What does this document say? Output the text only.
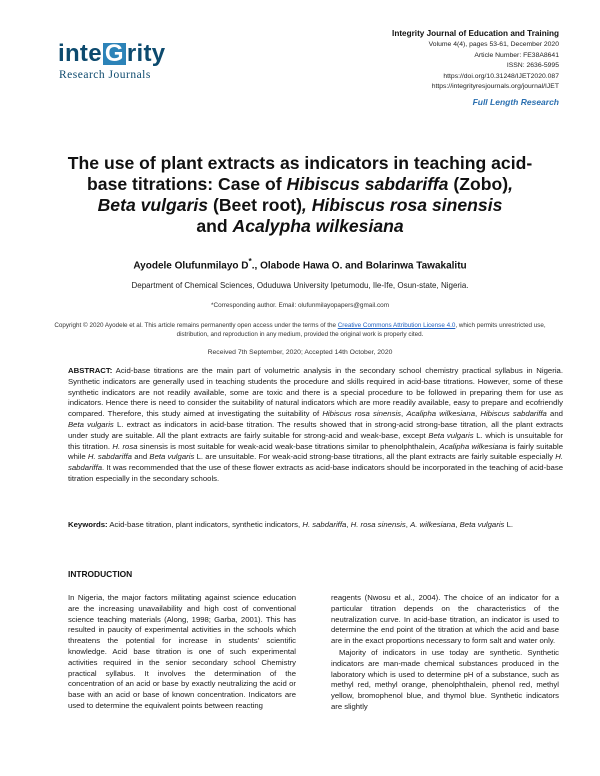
inte G rity
Research Journals
Integrity Journal of Education and Training
Volume 4(4), pages 53-61, December 2020
Article Number: FE38A8641
ISSN: 2636-5995
https://doi.org/10.31248/IJET2020.087
https://integrityresjournals.org/journal/IJET
Full Length Research
The use of plant extracts as indicators in teaching acid-
base titrations: Case of Hibiscus sabdariffa (Zobo),
Beta vulgaris (Beet root), Hibiscus rosa sinensis
and Acalypha wilkesiana
Ayodele Olufunmilayo D*., Olabode Hawa O. and Bolarinwa Tawakalitu
Department of Chemical Sciences, Oduduwa University Ipetumodu, Ile-Ife, Osun-state, Nigeria.
*Corresponding author. Email: olufunmilayopapers@gmail.com
Copyright © 2020 Ayodele et al. This article remains permanently open access under the terms of the Creative Commons Attribution License 4.0, which permits unrestricted use, distribution, and reproduction in any medium, provided the original work is properly cited.
Received 7th September, 2020; Accepted 14th October, 2020
ABSTRACT: Acid-base titrations are the main part of volumetric analysis in the secondary school chemistry practical syllabus in Nigeria. Synthetic indicators are generally used in teaching students the procedure and skills required in acid-base titrations. However, some of these synthetic indicators are not readily available, some are toxic and there is a special procedure to be followed in preparing them for use as indicators. Hence there is need to consider the suitability of natural indicators which are more readily available, easy to prepare and ecofriendly compared. Therefore, this study aimed at investigating the suitability of Hibiscus rosa sinensis, Acalipha wilkesiana, Hibiscus sabdariffa and Beta vulgaris L. extract as indicators in acid-base titration. The results showed that in strong-acid strong-base titration, all the plant extracts under study are suitable. All the plant extracts are fairly suitable for strong-acid and weak-base, except Beta vulgaris L. which is unsuitable for this titration. H. rosa sinensis is most suitable for weak-acid weak-base titrations similar to phenolphthalein, Acalipha wilkesiana is fairly suitable while H. sabdariffa and Beta vulgaris L. are unsuitable. For weak-acid strong-base titrations, all the plant extracts are fairly suitable especially H. sabdariffa. It was recommended that the use of these flower extracts as acid-base indicators should be incorporated in the teaching of acid-base titration especially in the secondary schools.
Keywords: Acid-base titration, plant indicators, synthetic indicators, H. sabdariffa, H. rosa sinensis, A. wilkesiana, Beta vulgaris L.
INTRODUCTION

In Nigeria, the major factors militating against science education are the increasing unavailability and high cost of conventional science teaching materials (Along, 1998; Garba, 2001). This has resulted in paucity of experimental activities in the schools which threatens the potential for increase in students' scientific knowledge. Acid base titration is one of such experimental activities required in the senior secondary school Chemistry practical syllabus. It involves the determination of the concentration of an acid or base by exactly neutralizing the acid or base with an acid or base of known concentration. Indicators are used to determine the equivalent points between reacting

reagents (Nwosu et al., 2004). The choice of an indicator for a particular titration depends on the characteristics of the neutralization curve. In acid-base titration, an indicator is used to determine the end point of the titration at which the acid and base are in the exact proportions necessary to form salt and water only.

Majority of indicators in use today are synthetic. Synthetic indicators are man-made chemical substances produced in the laboratory which is used to determine pH of a substance, such as methyl red, methyl orange, phenolphthalein, phenol red, methyl yellow, bromophenol blue, and thymol blue. Synthetic indicators are slightly
